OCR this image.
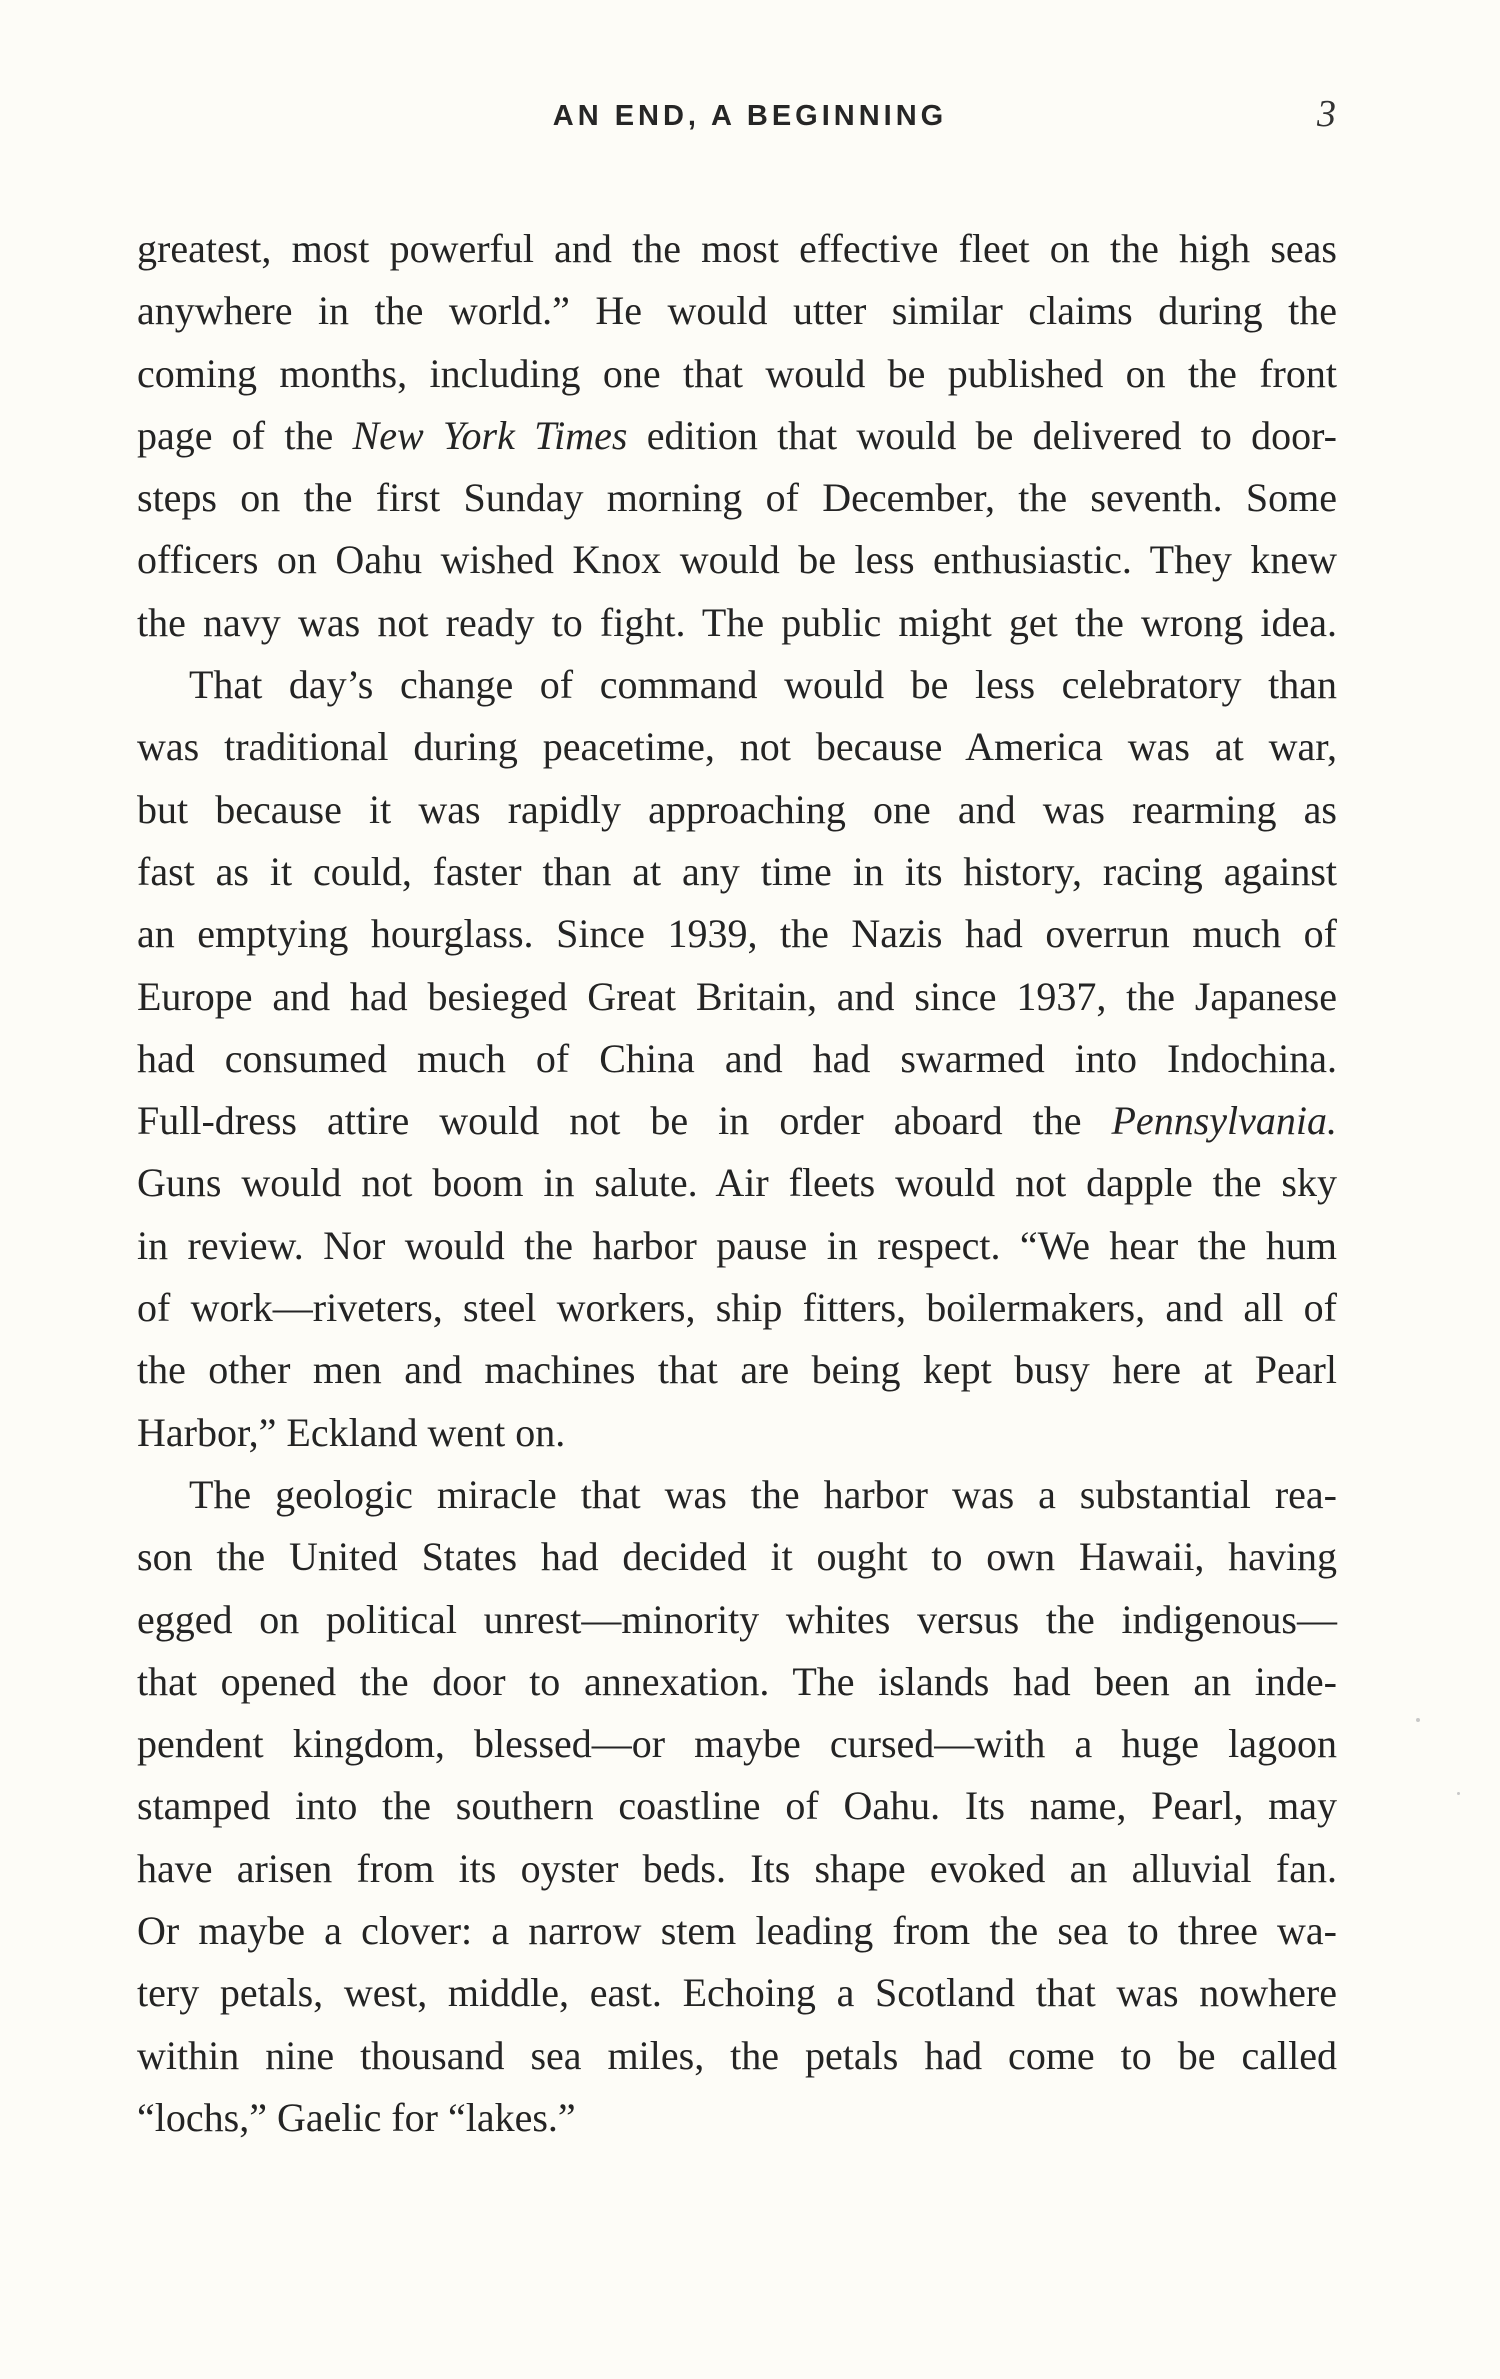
AN END, A BEGINNING	3
greatest, most powerful and the most effective fleet on the high seas
anywhere in the world.” He would utter similar claims during the
coming months, including one that would be published on the front
page of the New York Times edition that would be delivered to door-
steps on the first Sunday morning of December, the seventh. Some
officers on Oahu wished Knox would be less enthusiastic. They knew
the navy was not ready to fight. The public might get the wrong idea.
That day’s change of command would be less celebratory than
was traditional during peacetime, not because America was at war,
but because it was rapidly approaching one and was rearming as
fast as it could, faster than at any time in its history, racing against
an emptying hourglass. Since 1939, the Nazis had overrun much of
Europe and had besieged Great Britain, and since 1937, the Japanese
had consumed much of China and had swarmed into Indochina.
Full-dress attire would not be in order aboard the Pennsylvania.
Guns would not boom in salute. Air fleets would not dapple the sky
in review. Nor would the harbor pause in respect. “We hear the hum
of work—riveters, steel workers, ship fitters, boilermakers, and all of
the other men and machines that are being kept busy here at Pearl
Harbor,” Eckland went on.
The geologic miracle that was the harbor was a substantial rea-
son the United States had decided it ought to own Hawaii, having
egged on political unrest—minority whites versus the indigenous—
that opened the door to annexation. The islands had been an inde-
pendent kingdom, blessed—or maybe cursed—with a huge lagoon
stamped into the southern coastline of Oahu. Its name, Pearl, may
have arisen from its oyster beds. Its shape evoked an alluvial fan.
Or maybe a clover: a narrow stem leading from the sea to three wa-
tery petals, west, middle, east. Echoing a Scotland that was nowhere
within nine thousand sea miles, the petals had come to be called
“lochs,” Gaelic for “lakes.”
